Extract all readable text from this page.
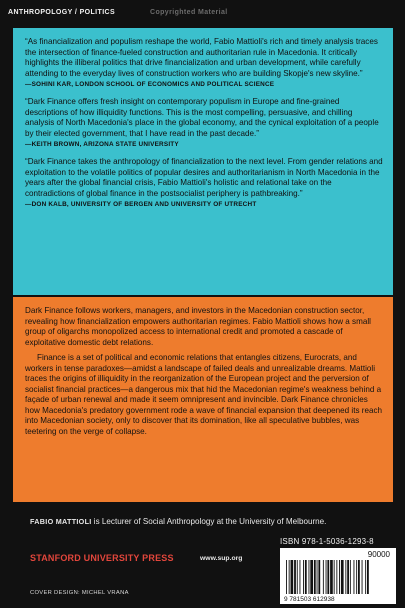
ANTHROPOLOGY / POLITICS	Copyrighted Material

“As financialization and populism reshape the world, Fabio Mattioli's rich and timely analysis traces the intersection of finance-fueled construction and authoritarian rule in Macedonia. It critically highlights the illiberal politics that drive financialization and urban development, while carefully attending to the everyday lives of construction workers who are building Skopje's new skyline.”
—SOHINI KAR, LONDON SCHOOL OF ECONOMICS AND POLITICAL SCIENCE

“Dark Finance offers fresh insight on contemporary populism in Europe and fine-grained descriptions of how illiquidity functions. This is the most compelling, persuasive, and chilling analysis of North Macedonia's place in the global economy, and the cynical exploitation of a people by their elected government, that I have read in the past decade.”
—KEITH BROWN, ARIZONA STATE UNIVERSITY

“Dark Finance takes the anthropology of financialization to the next level. From gender relations and exploitation to the volatile politics of popular desires and authoritarianism in North Macedonia in the years after the global financial crisis, Fabio Mattioli's holistic and relational take on the contradictions of global finance in the postsocialist periphery is pathbreaking.”
—DON KALB, UNIVERSITY OF BERGEN AND UNIVERSITY OF UTRECHT

Dark Finance follows workers, managers, and investors in the Macedonian construction sector, revealing how financialization empowers authoritarian regimes. Fabio Mattioli shows how a small group of oligarchs monopolized access to international credit and promoted a cascade of exploitative domestic debt relations.

Finance is a set of political and economic relations that entangles citizens, Eurocrats, and workers in tense paradoxes—amidst a landscape of failed deals and unrealizable dreams. Mattioli traces the origins of illiquidity in the reorganization of the European project and the perversion of socialist financial practices—a dangerous mix that hid the Macedonian regime's weakness behind a façade of urban renewal and made it seem omnipresent and invincible. Dark Finance chronicles how Macedonia's predatory government rode a wave of financial expansion that deepened its reach into Macedonian society, only to discover that its domination, like all speculative bubbles, was teetering on the verge of collapse.

FABIO MATTIOLI is Lecturer of Social Anthropology at the University of Melbourne.
STANFORD UNIVERSITY PRESS	www.sup.org
COVER DESIGN: MICHEL VRANA
ISBN 978-1-5036-1293-8
90000
9 781503 612938
